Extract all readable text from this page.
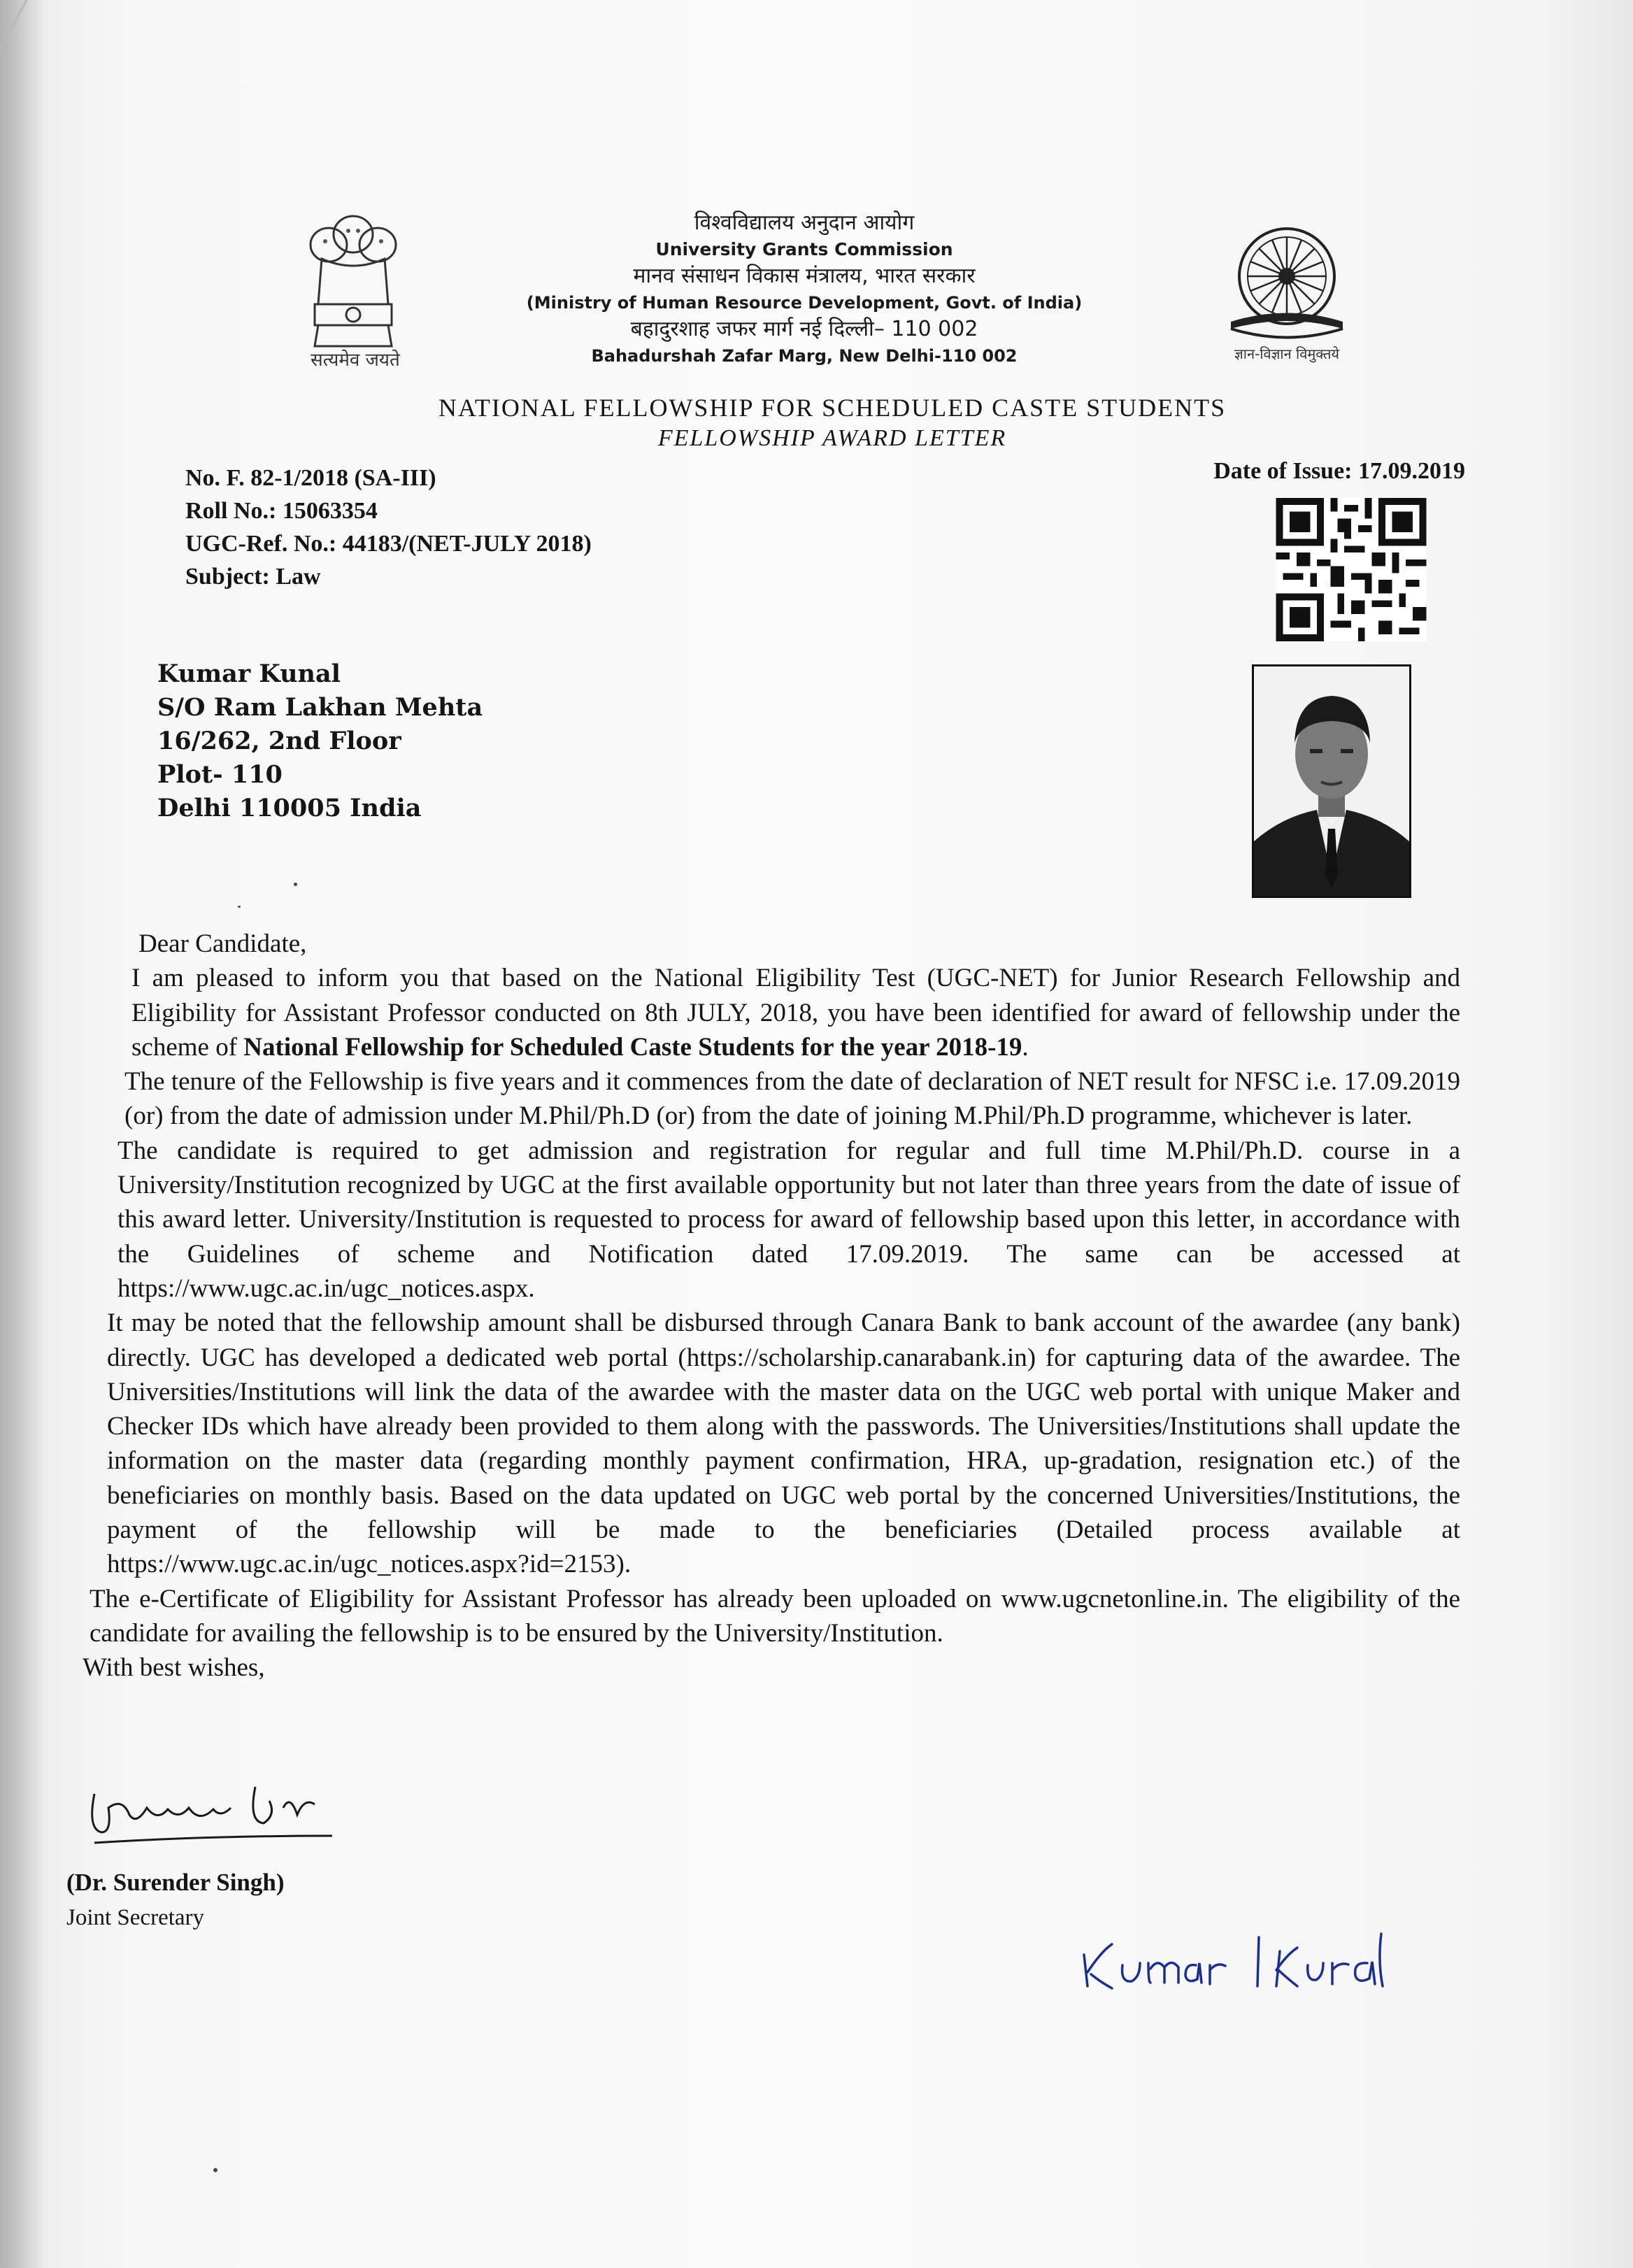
सत्यमेव जयते
विश्वविद्यालय अनुदान आयोग
University Grants Commission
मानव संसाधन विकास मंत्रालय, भारत सरकार
(Ministry of Human Resource Development, Govt. of India)
बहादुरशाह जफर मार्ग नई दिल्ली– 110 002
Bahadurshah Zafar Marg, New Delhi-110 002	ज्ञान-विज्ञान विमुक्तये
NATIONAL FELLOWSHIP FOR SCHEDULED CASTE STUDENTS
FELLOWSHIP AWARD LETTER
No. F. 82-1/2018 (SA-III)
Roll No.: 15063354
UGC-Ref. No.: 44183/(NET-JULY 2018)
Subject: Law
Date of Issue: 17.09.2019
Kumar Kunal
S/O Ram Lakhan Mehta
16/262, 2nd Floor
Plot- 110
Delhi 110005 India

Dear Candidate,

I am pleased to inform you that based on the National Eligibility Test (UGC-NET) for Junior Research Fellowship and Eligibility for Assistant Professor conducted on 8th JULY, 2018, you have been identified for award of fellowship under the scheme of National Fellowship for Scheduled Caste Students for the year 2018-19.

The tenure of the Fellowship is five years and it commences from the date of declaration of NET result for NFSC i.e. 17.09.2019 (or) from the date of admission under M.Phil/Ph.D (or) from the date of joining M.Phil/Ph.D programme, whichever is later.

The candidate is required to get admission and registration for regular and full time M.Phil/Ph.D. course in a University/Institution recognized by UGC at the first available opportunity but not later than three years from the date of issue of this award letter. University/Institution is requested to process for award of fellowship based upon this letter, in accordance with the Guidelines of scheme and Notification dated 17.09.2019. The same can be accessed at https://www.ugc.ac.in/ugc_notices.aspx.

It may be noted that the fellowship amount shall be disbursed through Canara Bank to bank account of the awardee (any bank) directly. UGC has developed a dedicated web portal (https://scholarship.canarabank.in) for capturing data of the awardee. The Universities/Institutions will link the data of the awardee with the master data on the UGC web portal with unique Maker and Checker IDs which have already been provided to them along with the passwords. The Universities/Institutions shall update the information on the master data (regarding monthly payment confirmation, HRA, up-gradation, resignation etc.) of the beneficiaries on monthly basis. Based on the data updated on UGC web portal by the concerned Universities/Institutions, the payment of the fellowship will be made to the beneficiaries (Detailed process available at https://www.ugc.ac.in/ugc_notices.aspx?id=2153).

The e-Certificate of Eligibility for Assistant Professor has already been uploaded on www.ugcnetonline.in. The eligibility of the candidate for availing the fellowship is to be ensured by the University/Institution.

With best wishes,

(Dr. Surender Singh)
Joint Secretary
